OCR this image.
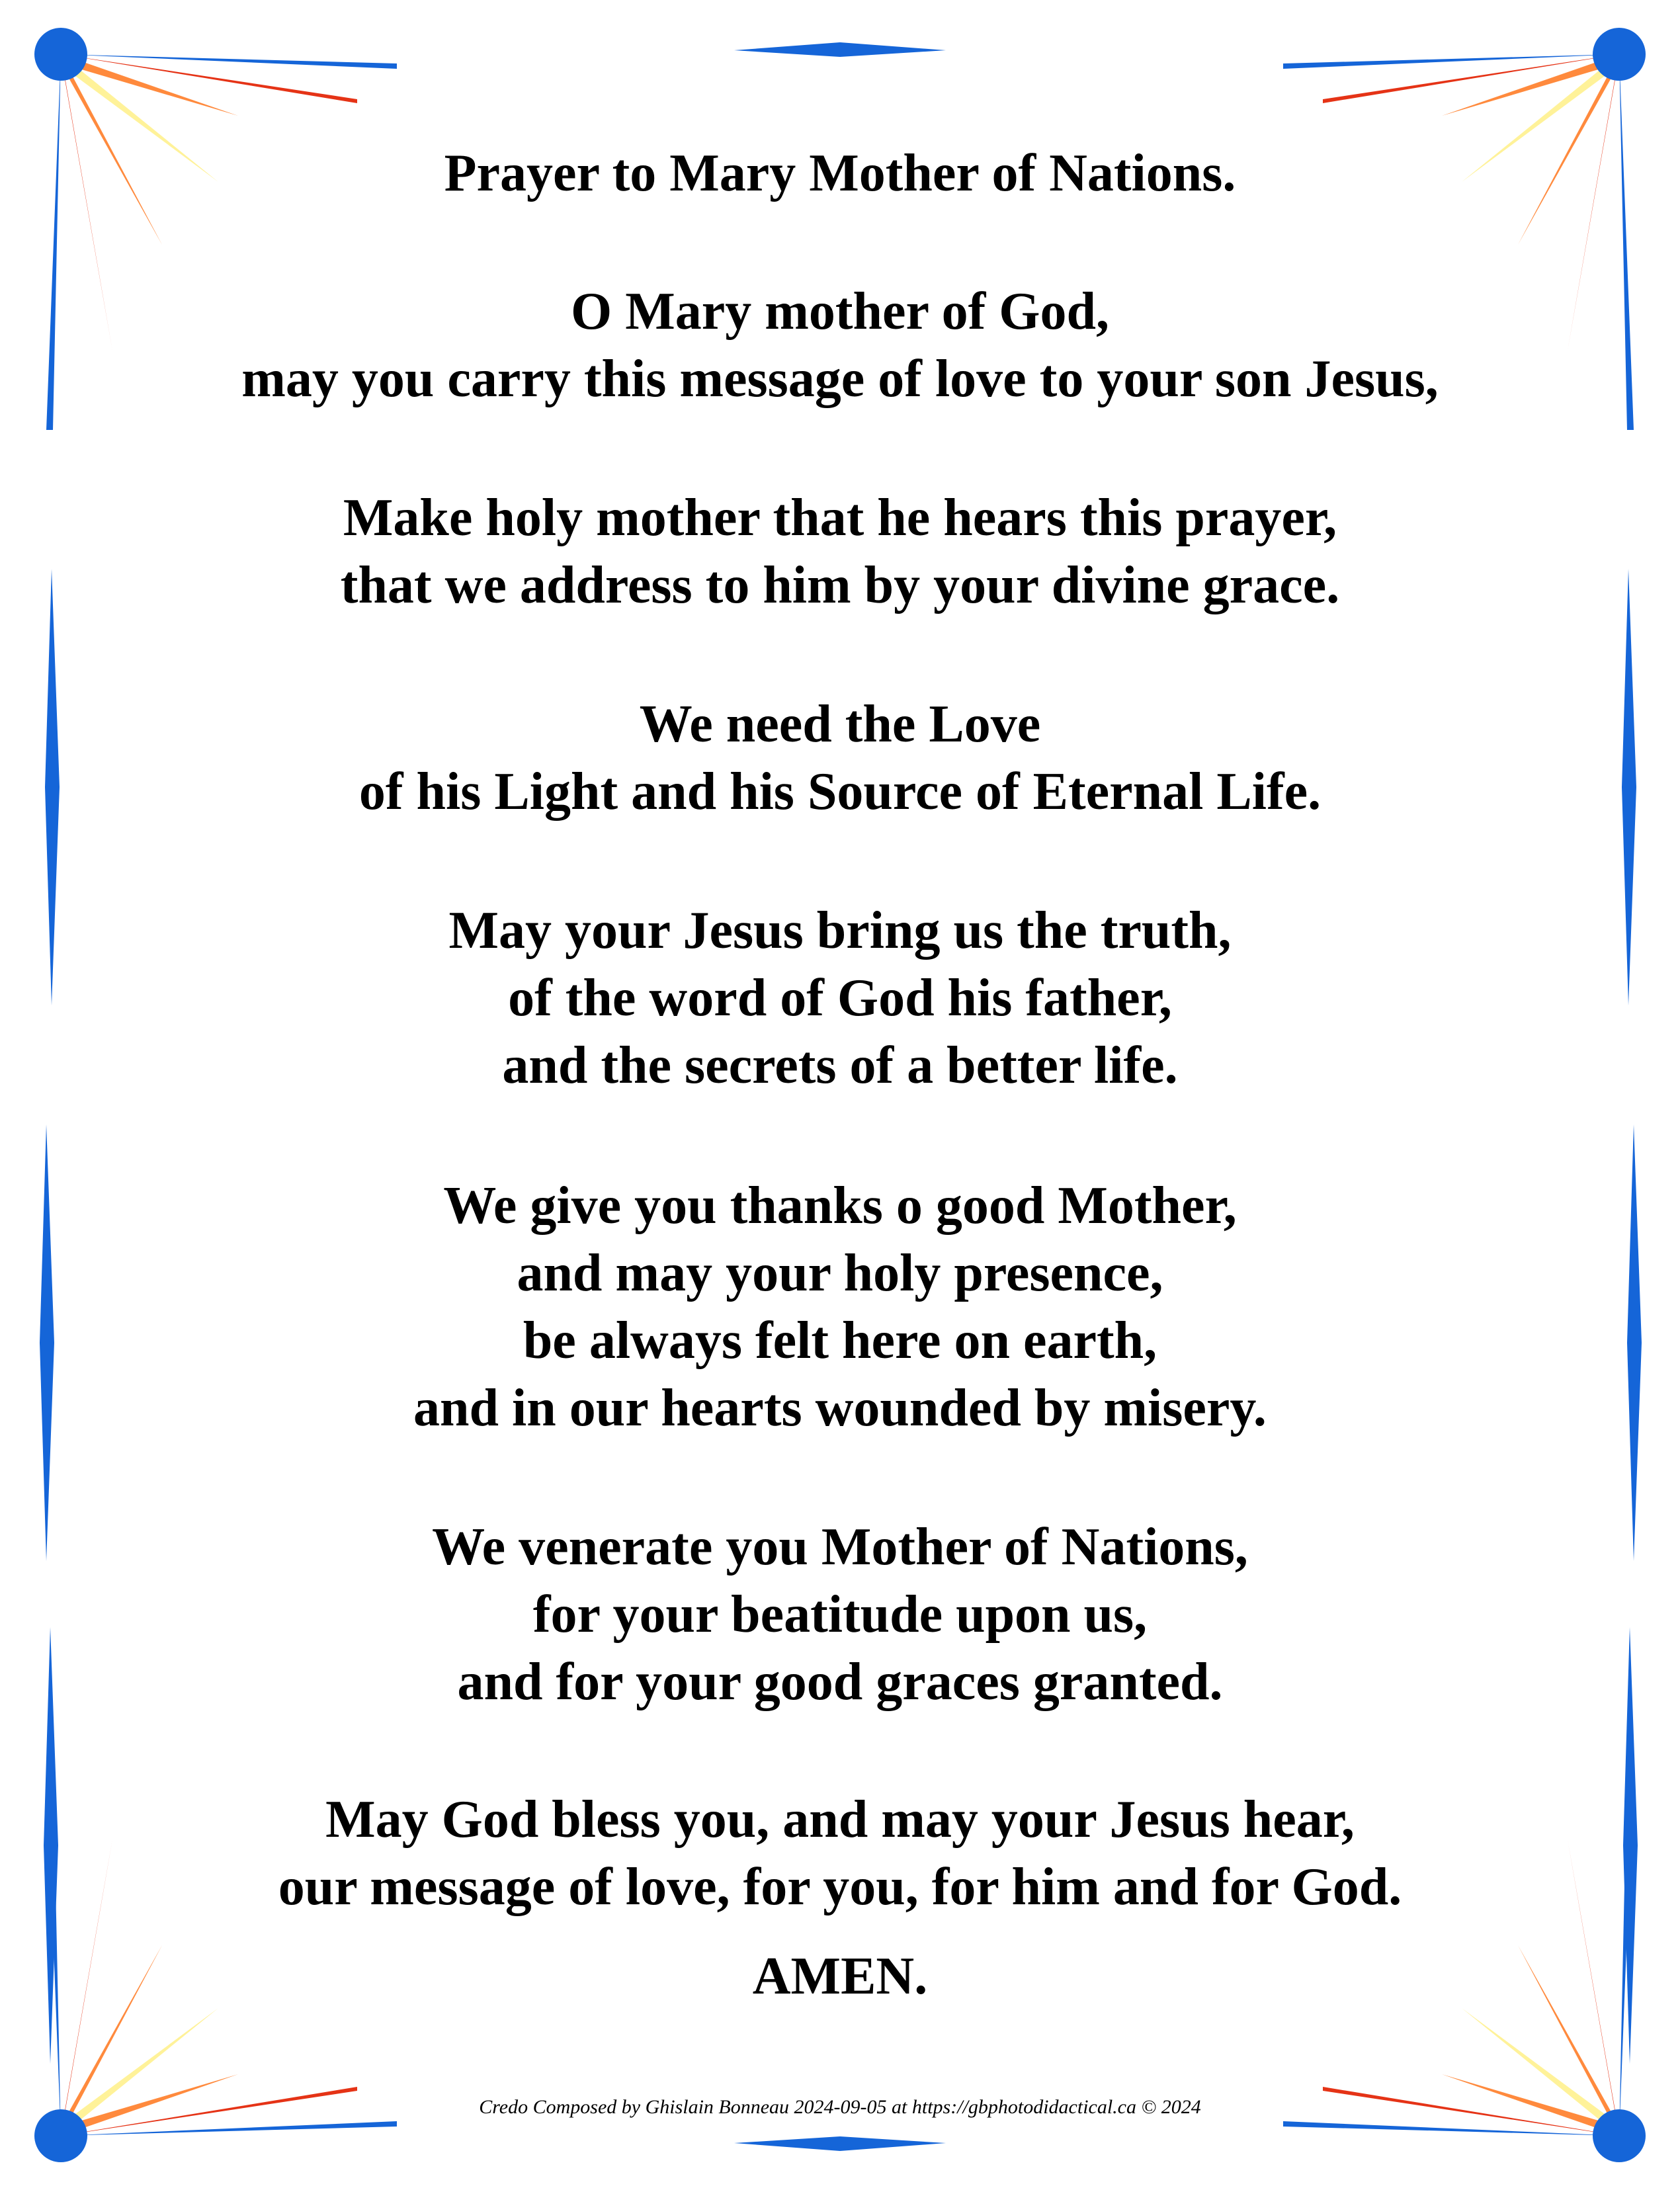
Prayer to Mary Mother of Nations.
O Mary mother of God,
may you carry this message of love to your son Jesus,
Make holy mother that he hears this prayer,
that we address to him by your divine grace.
We need the Love
of his Light and his Source of Eternal Life.
May your Jesus bring us the truth,
of the word of God his father,
and the secrets of a better life.
We give you thanks o good Mother,
and may your holy presence,
be always felt here on earth,
and in our hearts wounded by misery.
We venerate you Mother of Nations,
for your beatitude upon us,
and for your good graces granted.
May God bless you, and may your Jesus hear,
our message of love, for you, for him and for God.
AMEN.
Credo Composed by Ghislain Bonneau 2024-09-05 at https://gbphotodidactical.ca © 2024
